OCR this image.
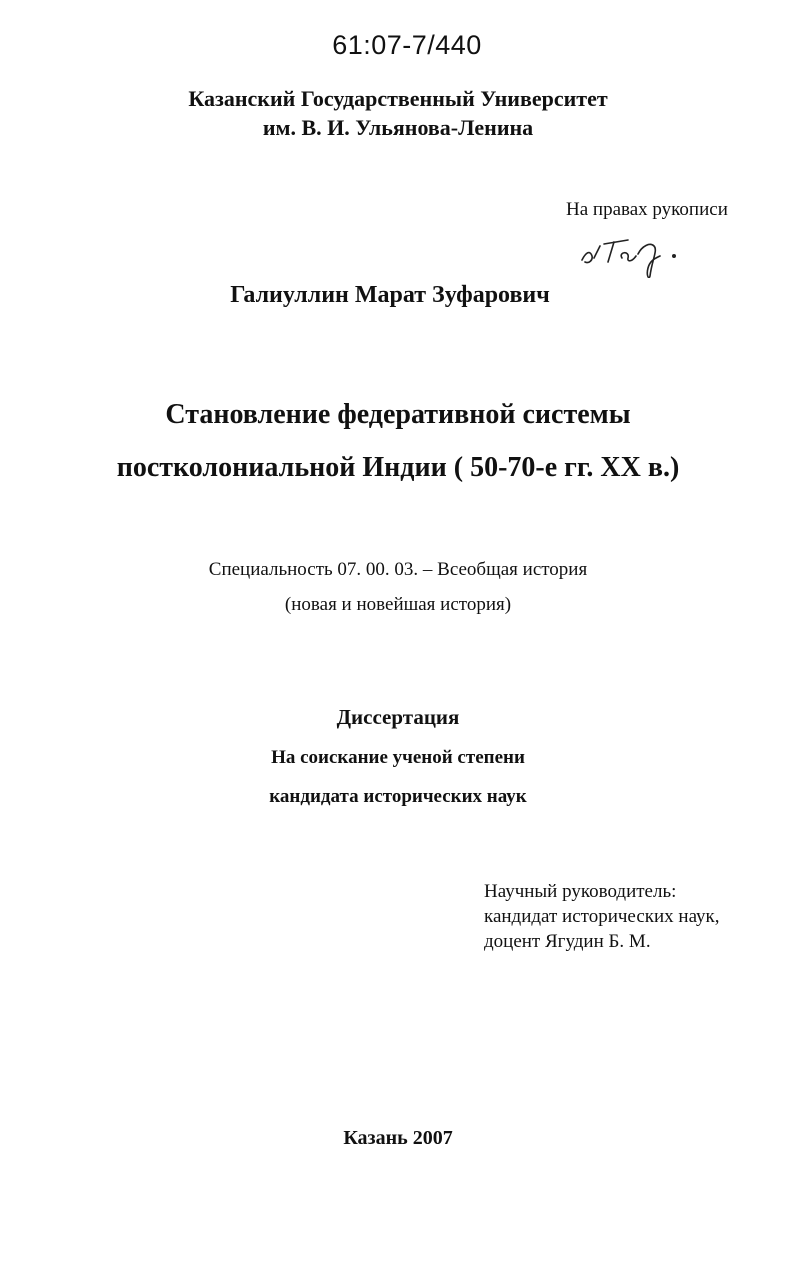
61:07-7/440
Казанский Государственный Университет
им. В. И. Ульянова-Ленина
На правах рукописи
Галиуллин Марат Зуфарович
Становление федеративной системы
постколониальной Индии ( 50-70-е гг. XX в.)
Специальность 07. 00. 03. – Всеобщая история
(новая и новейшая история)
Диссертация
На соискание ученой степени
кандидата исторических наук
Научный руководитель:
кандидат исторических наук,
доцент Ягудин Б. М.
Казань 2007
